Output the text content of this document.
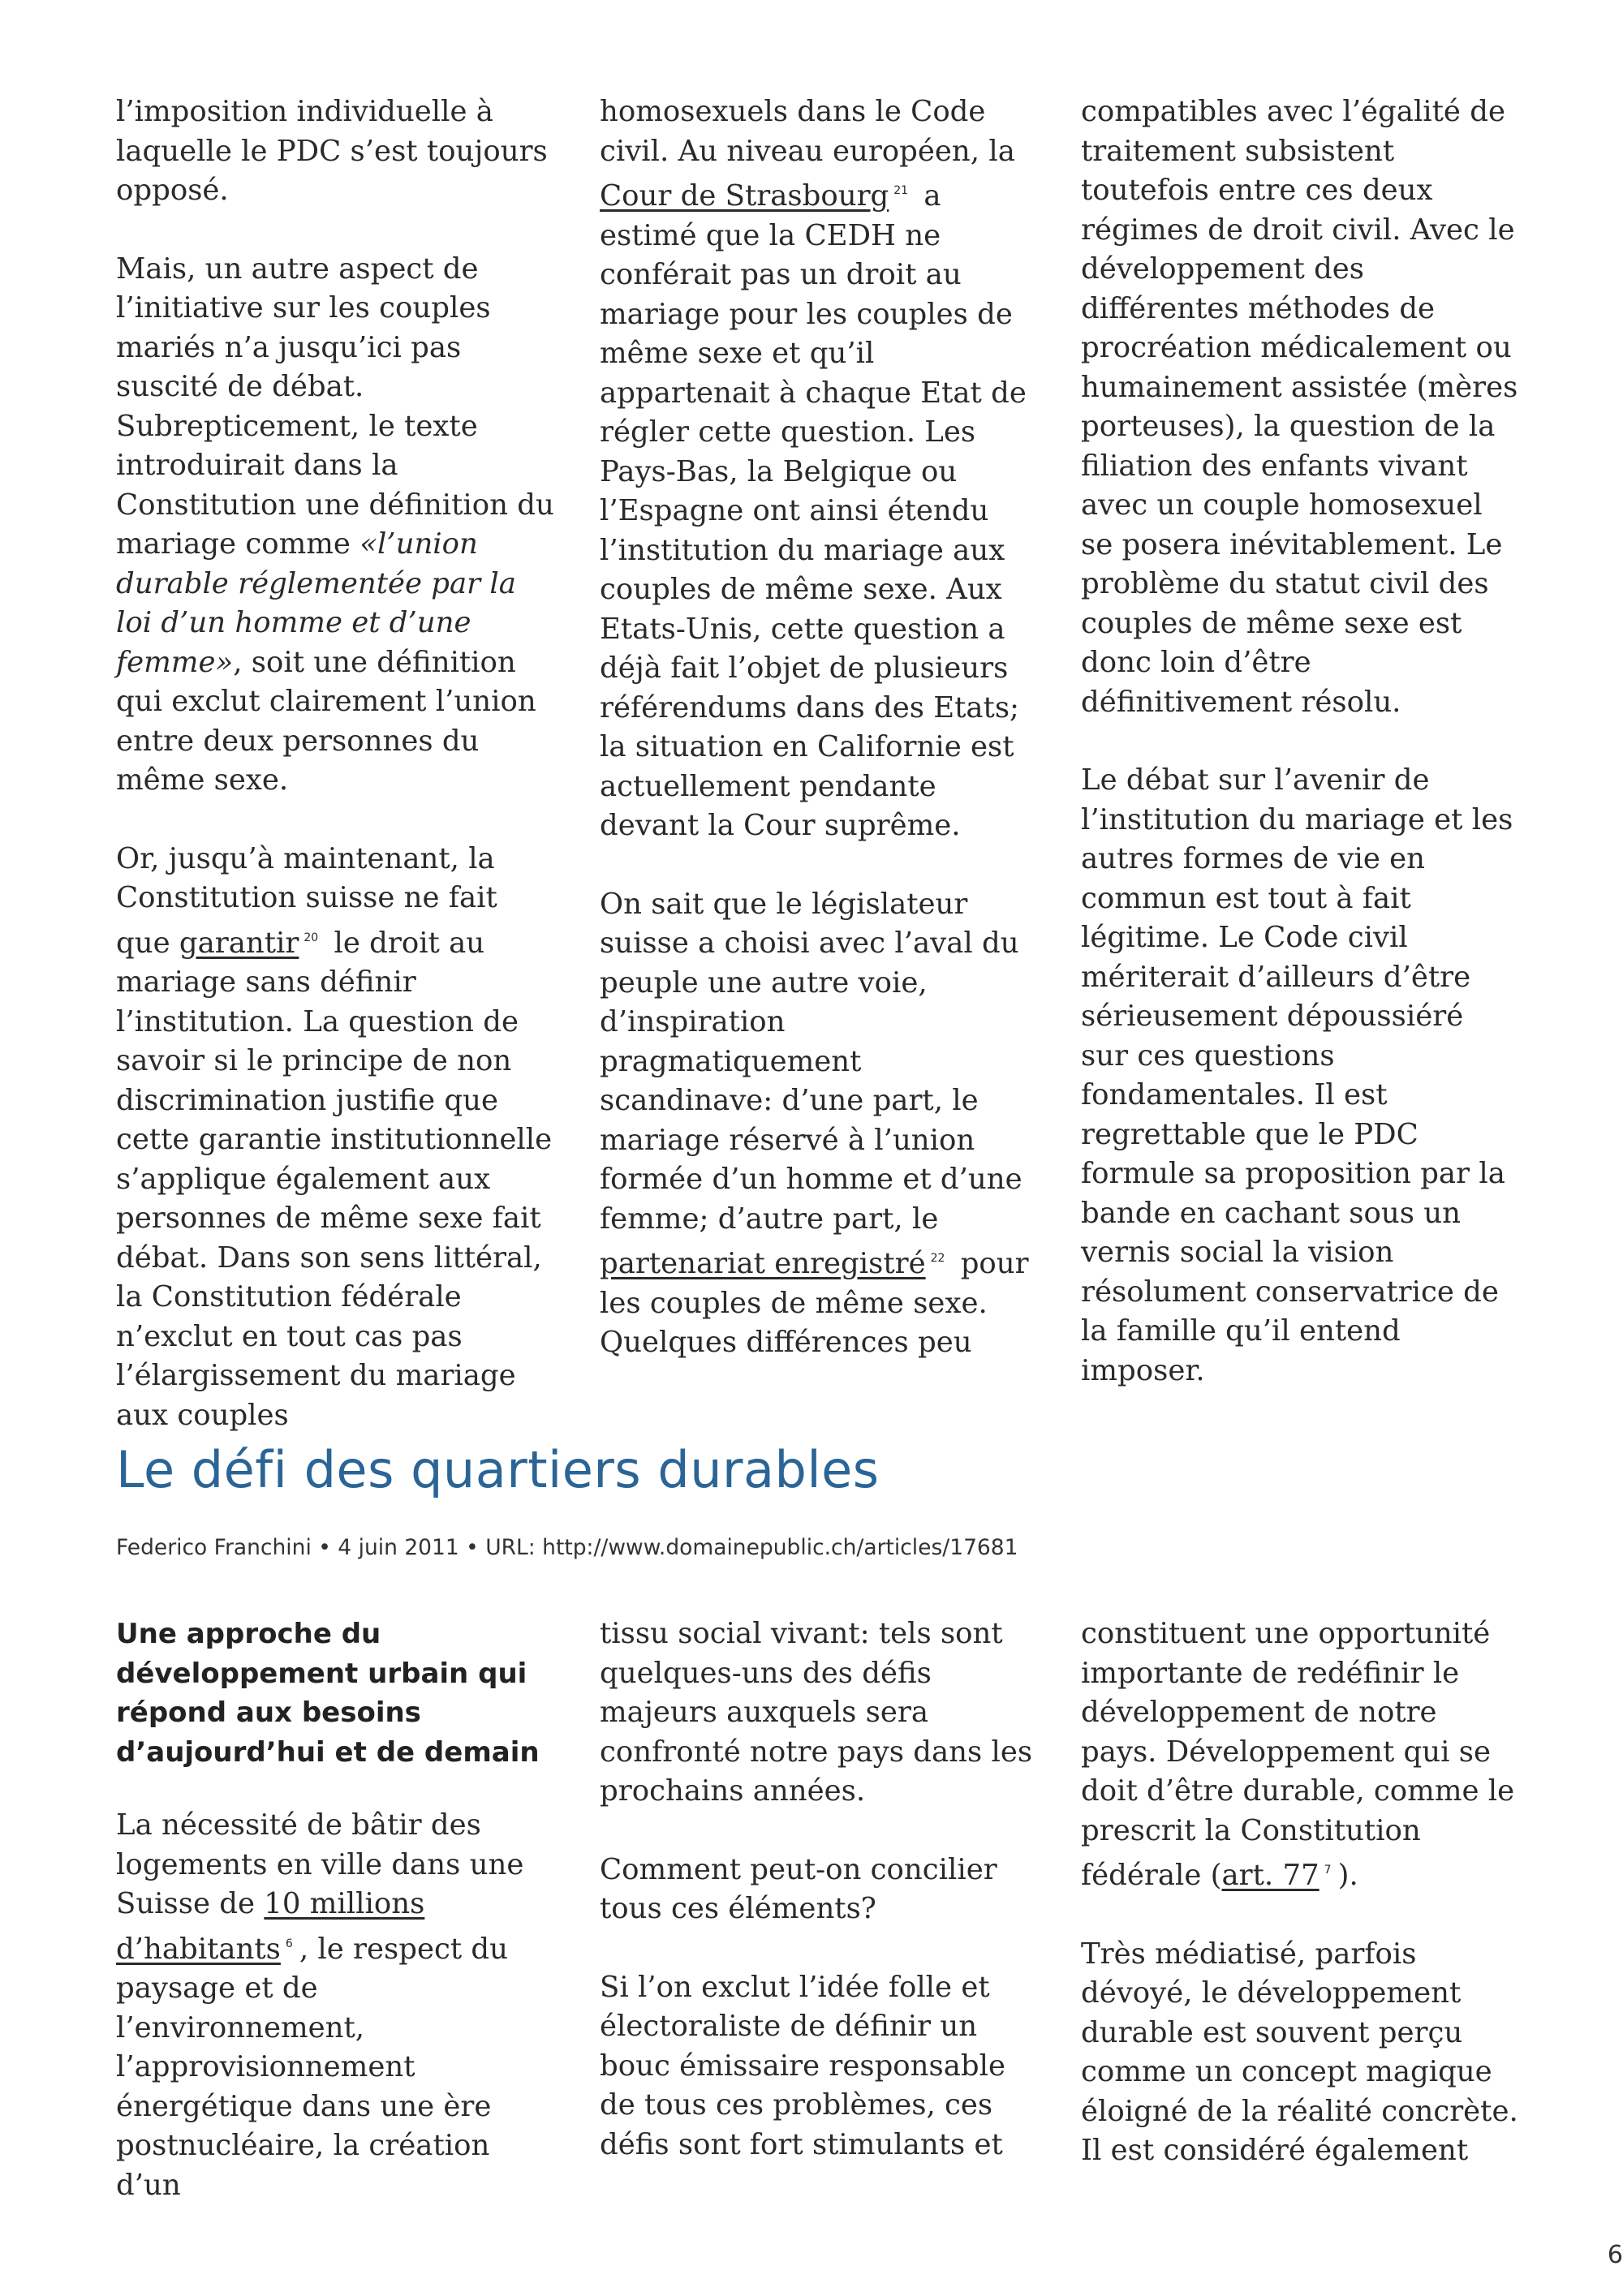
l’imposition individuelle à laquelle le PDC s’est toujours opposé.

Mais, un autre aspect de l’initiative sur les couples mariés n’a jusqu’ici pas suscité de débat. Subrepticement, le texte introduirait dans la Constitution une définition du mariage comme «l’union durable réglementée par la loi d’un homme et d’une femme», soit une définition qui exclut clairement l’union entre deux personnes du même sexe.

Or, jusqu’à maintenant, la Constitution suisse ne fait que garantir $^{20}$ le droit au mariage sans définir l’institution. La question de savoir si le principe de non discrimination justifie que cette garantie institutionnelle s’applique également aux personnes de même sexe fait débat. Dans son sens littéral, la Constitution fédérale n’exclut en tout cas pas l’élargissement du mariage aux couples

homosexuels dans le Code civil. Au niveau européen, la Cour de Strasbourg $^{21}$ a estimé que la CEDH ne conférait pas un droit au mariage pour les couples de même sexe et qu’il appartenait à chaque Etat de régler cette question. Les Pays-Bas, la Belgique ou l’Espagne ont ainsi étendu l’institution du mariage aux couples de même sexe. Aux Etats-Unis, cette question a déjà fait l’objet de plusieurs référendums dans des Etats; la situation en Californie est actuellement pendante devant la Cour suprême.

On sait que le législateur suisse a choisi avec l’aval du peuple une autre voie, d’inspiration pragmatiquement scandinave: d’une part, le mariage réservé à l’union formée d’un homme et d’une femme; d’autre part, le partenariat enregistré $^{22}$ pour les couples de même sexe. Quelques différences peu

compatibles avec l’égalité de traitement subsistent toutefois entre ces deux régimes de droit civil. Avec le développement des différentes méthodes de procréation médicalement ou humainement assistée (mères porteuses), la question de la filiation des enfants vivant avec un couple homosexuel se posera inévitablement. Le problème du statut civil des couples de même sexe est donc loin d’être définitivement résolu.

Le débat sur l’avenir de l’institution du mariage et les autres formes de vie en commun est tout à fait légitime. Le Code civil mériterait d’ailleurs d’être sérieusement dépoussiéré sur ces questions fondamentales. Il est regrettable que le PDC formule sa proposition par la bande en cachant sous un vernis social la vision résolument conservatrice de la famille qu’il entend imposer.

Le défi des quartiers durables
Federico Franchini • 4 juin 2011 • URL: http://www.domainepublic.ch/articles/17681
Une approche du développement urbain qui répond aux besoins d’aujourd’hui et de demain

La nécessité de bâtir des logements en ville dans une Suisse de 10 millions d’habitants $^6$ , le respect du paysage et de l’environnement, l’approvisionnement énergétique dans une ère postnucléaire, la création d’un

tissu social vivant: tels sont quelques-uns des défis majeurs auxquels sera confronté notre pays dans les prochains années.

Comment peut-on concilier tous ces éléments?

Si l’on exclut l’idée folle et électoraliste de définir un bouc émissaire responsable de tous ces problèmes, ces défis sont fort stimulants et

constituent une opportunité importante de redéfinir le développement de notre pays. Développement qui se doit d’être durable, comme le prescrit la Constitution fédérale (art. 77 $^7$ ).

Très médiatisé, parfois dévoyé, le développement durable est souvent perçu comme un concept magique éloigné de la réalité concrète. Il est considéré également

6
